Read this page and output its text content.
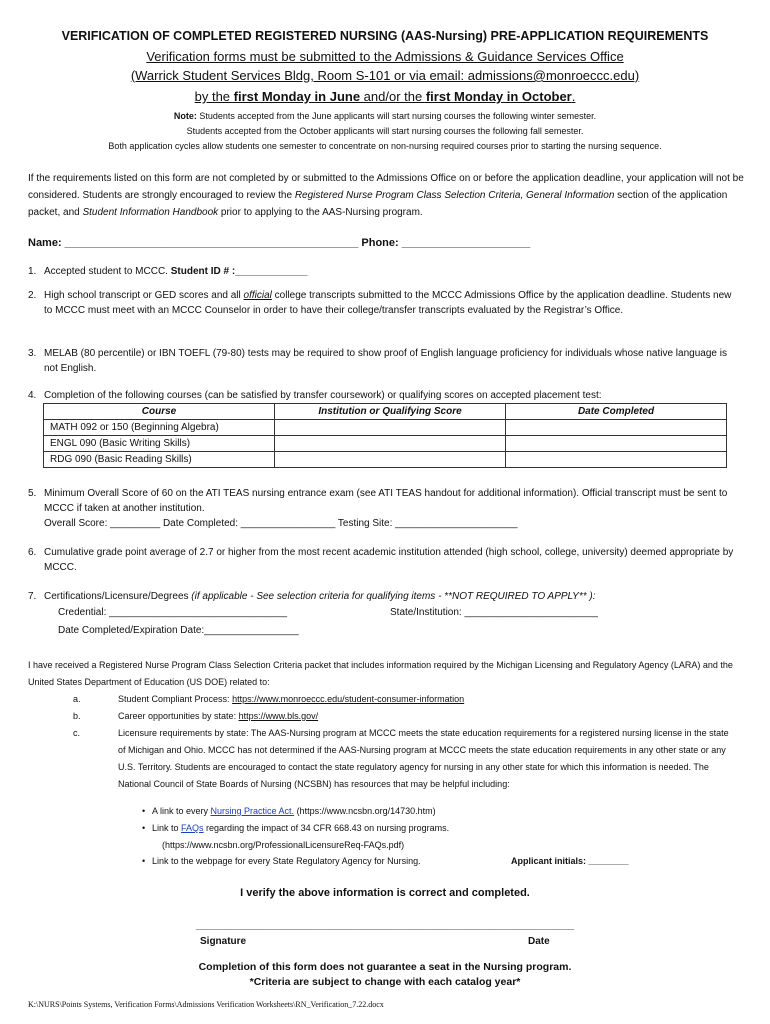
VERIFICATION OF COMPLETED REGISTERED NURSING (AAS-Nursing) PRE-APPLICATION REQUIREMENTS
Verification forms must be submitted to the Admissions & Guidance Services Office
(Warrick Student Services Bldg, Room S-101 or via email: admissions@monroeccc.edu)
by the first Monday in June and/or the first Monday in October.
Note: Students accepted from the June applicants will start nursing courses the following winter semester.
Students accepted from the October applicants will start nursing courses the following fall semester.
Both application cycles allow students one semester to concentrate on non-nursing required courses prior to starting the nursing sequence.
If the requirements listed on this form are not completed by or submitted to the Admissions Office on or before the application deadline, your application will not be considered. Students are strongly encouraged to review the Registered Nurse Program Class Selection Criteria, General Information section of the application packet, and Student Information Handbook prior to applying to the AAS-Nursing program.
Name: ________________________________________________ Phone: _____________________
1. Accepted student to MCCC. Student ID # :_____________
2. High school transcript or GED scores and all official college transcripts submitted to the MCCC Admissions Office by the application deadline. Students new to MCCC must meet with an MCCC Counselor in order to have their college/transfer transcripts evaluated by the Registrar’s Office.
3. MELAB (80 percentile) or IBN TOEFL (79-80) tests may be required to show proof of English language proficiency for individuals whose native language is not English.
4. Completion of the following courses (can be satisfied by transfer coursework) or qualifying scores on accepted placement test:
Course	Institution or Qualifying Score	Date Completed
MATH 092 or 150 (Beginning Algebra)		
ENGL 090 (Basic Writing Skills)		
RDG 090 (Basic Reading Skills)		
5. Minimum Overall Score of 60 on the ATI TEAS nursing entrance exam (see ATI TEAS handout for additional information). Official transcript must be sent to MCCC if taken at another institution.
Overall Score: _________ Date Completed: _________________ Testing Site: ______________________
6. Cumulative grade point average of 2.7 or higher from the most recent academic institution attended (high school, college, university) deemed appropriate by MCCC.
7. Certifications/Licensure/Degrees (if applicable - See selection criteria for qualifying items - **NOT REQUIRED TO APPLY** ):
Credential: ________________________________	State/Institution: ________________________
Date Completed/Expiration Date:_________________
I have received a Registered Nurse Program Class Selection Criteria packet that includes information required by the Michigan Licensing and Regulatory Agency (LARA) and the United States Department of Education (US DOE) related to:
a.	Student Compliant Process: https://www.monroeccc.edu/student-consumer-information
b.	Career opportunities by state: https://www.bls.gov/
c.	Licensure requirements by state: The AAS-Nursing program at MCCC meets the state education requirements for a registered nursing license in the state of Michigan and Ohio. MCCC has not determined if the AAS-Nursing program at MCCC meets the state education requirements in any other state or any U.S. Territory. Students are encouraged to contact the state regulatory agency for nursing in any other state for which this information is needed. The National Council of State Boards of Nursing (NCSBN) has resources that may be helpful including:
• A link to every Nursing Practice Act. (https://www.ncsbn.org/14730.htm)
• Link to FAQs regarding the impact of 34 CFR 668.43 on nursing programs.
(https://www.ncsbn.org/ProfessionalLicensureReq-FAQs.pdf)
• Link to the webpage for every State Regulatory Agency for Nursing.	Applicant initials: ________
I verify the above information is correct and completed.
____________________________________________________________________
Signature	Date
Completion of this form does not guarantee a seat in the Nursing program.
*Criteria are subject to change with each catalog year*
K:\NURS\Points Systems, Verification Forms\Admissions Verification Worksheets\RN_Verification_7.22.docx
